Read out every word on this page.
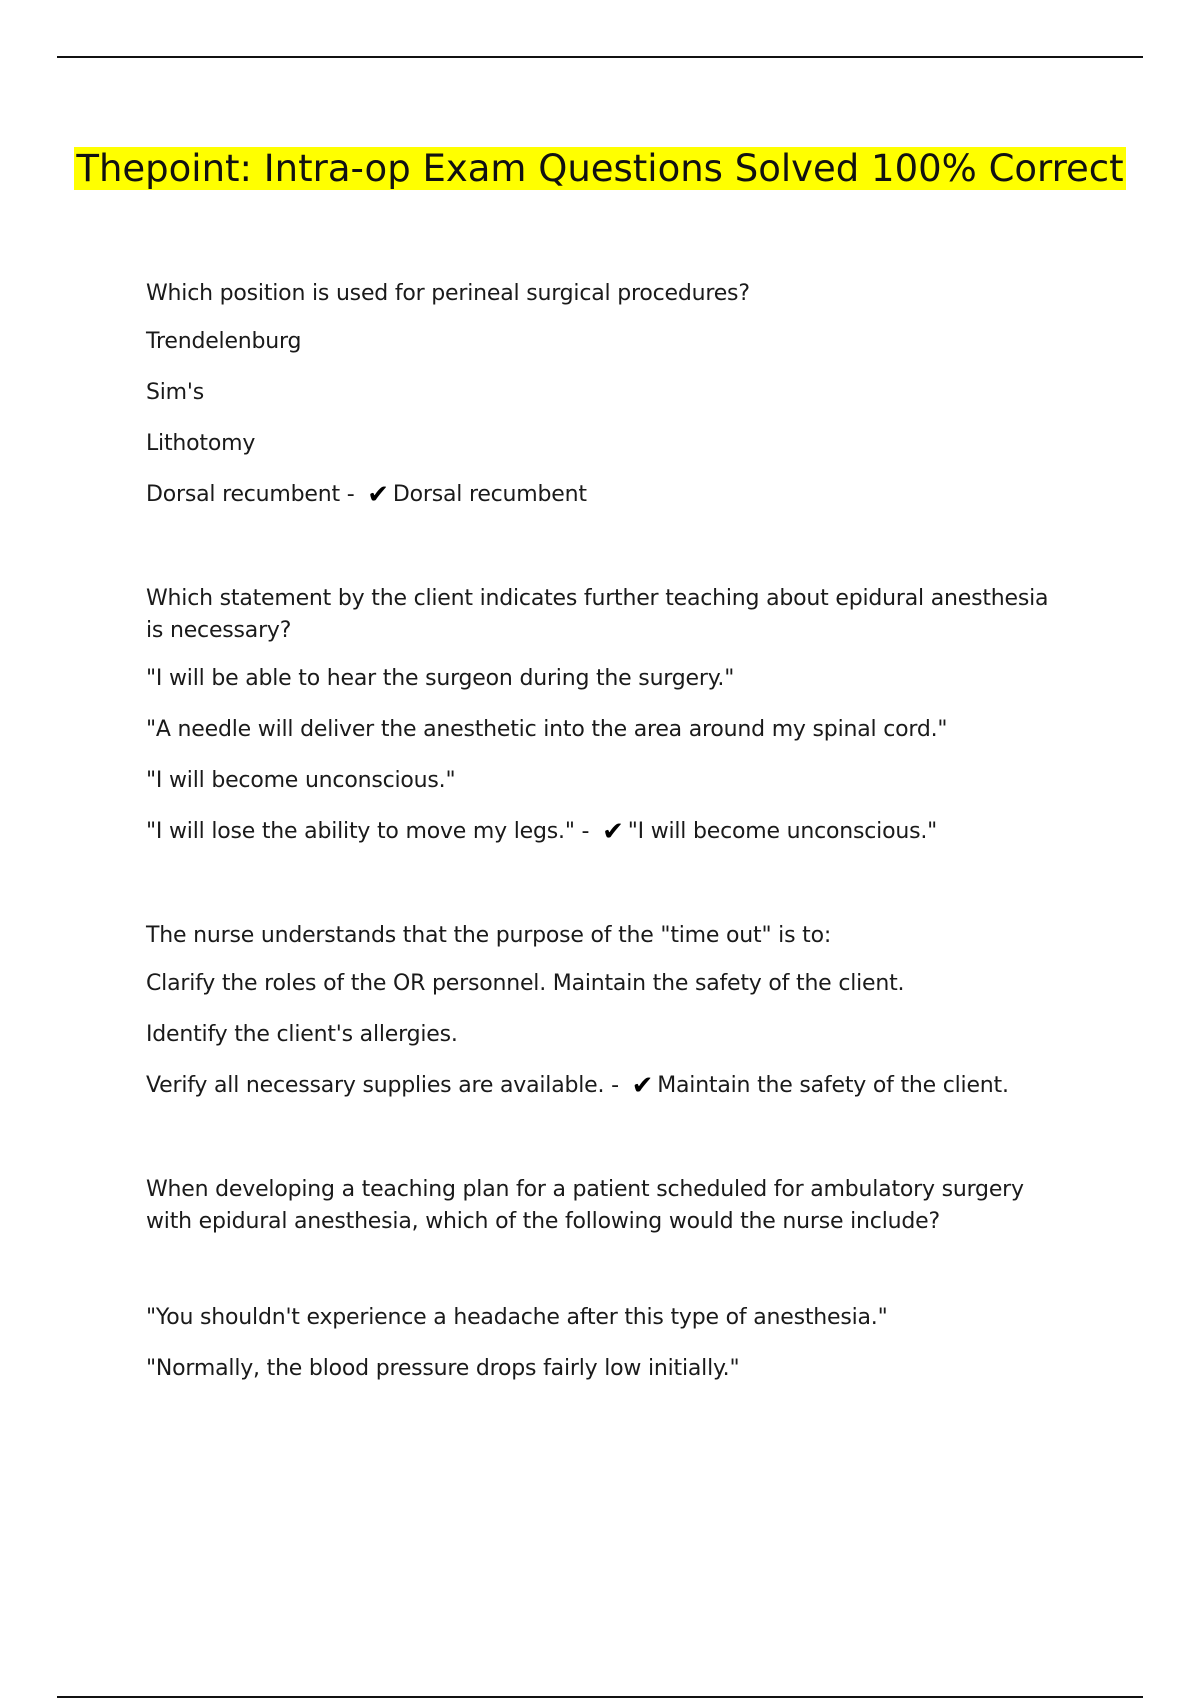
Thepoint: Intra-op Exam Questions Solved 100% Correct
Which position is used for perineal surgical procedures?
Trendelenburg
Sim's
Lithotomy
Dorsal recumbent - ✔ Dorsal recumbent
Which statement by the client indicates further teaching about epidural anesthesia is necessary?
"I will be able to hear the surgeon during the surgery."
"A needle will deliver the anesthetic into the area around my spinal cord."
"I will become unconscious."
"I will lose the ability to move my legs." - ✔ "I will become unconscious."
The nurse understands that the purpose of the "time out" is to:
Clarify the roles of the OR personnel. Maintain the safety of the client.
Identify the client's allergies.
Verify all necessary supplies are available. - ✔ Maintain the safety of the client.
When developing a teaching plan for a patient scheduled for ambulatory surgery with epidural anesthesia, which of the following would the nurse include?
"You shouldn't experience a headache after this type of anesthesia."
"Normally, the blood pressure drops fairly low initially."
